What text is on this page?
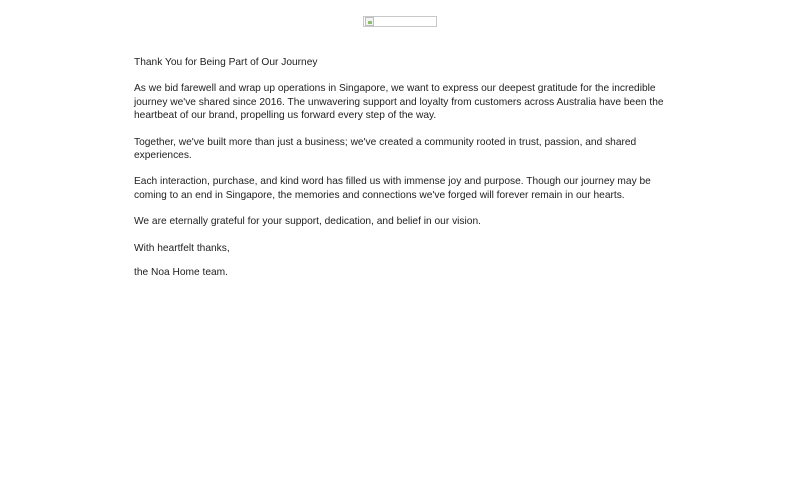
Thank You for Being Part of Our Journey

As we bid farewell and wrap up operations in Singapore, we want to express our deepest gratitude for the incredible journey we've shared since 2016. The unwavering support and loyalty from customers across Australia have been the heartbeat of our brand, propelling us forward every step of the way.

Together, we've built more than just a business; we've created a community rooted in trust, passion, and shared experiences.

Each interaction, purchase, and kind word has filled us with immense joy and purpose. Though our journey may be coming to an end in Singapore, the memories and connections we've forged will forever remain in our hearts.

We are eternally grateful for your support, dedication, and belief in our vision.

With heartfelt thanks,

the Noa Home team.
